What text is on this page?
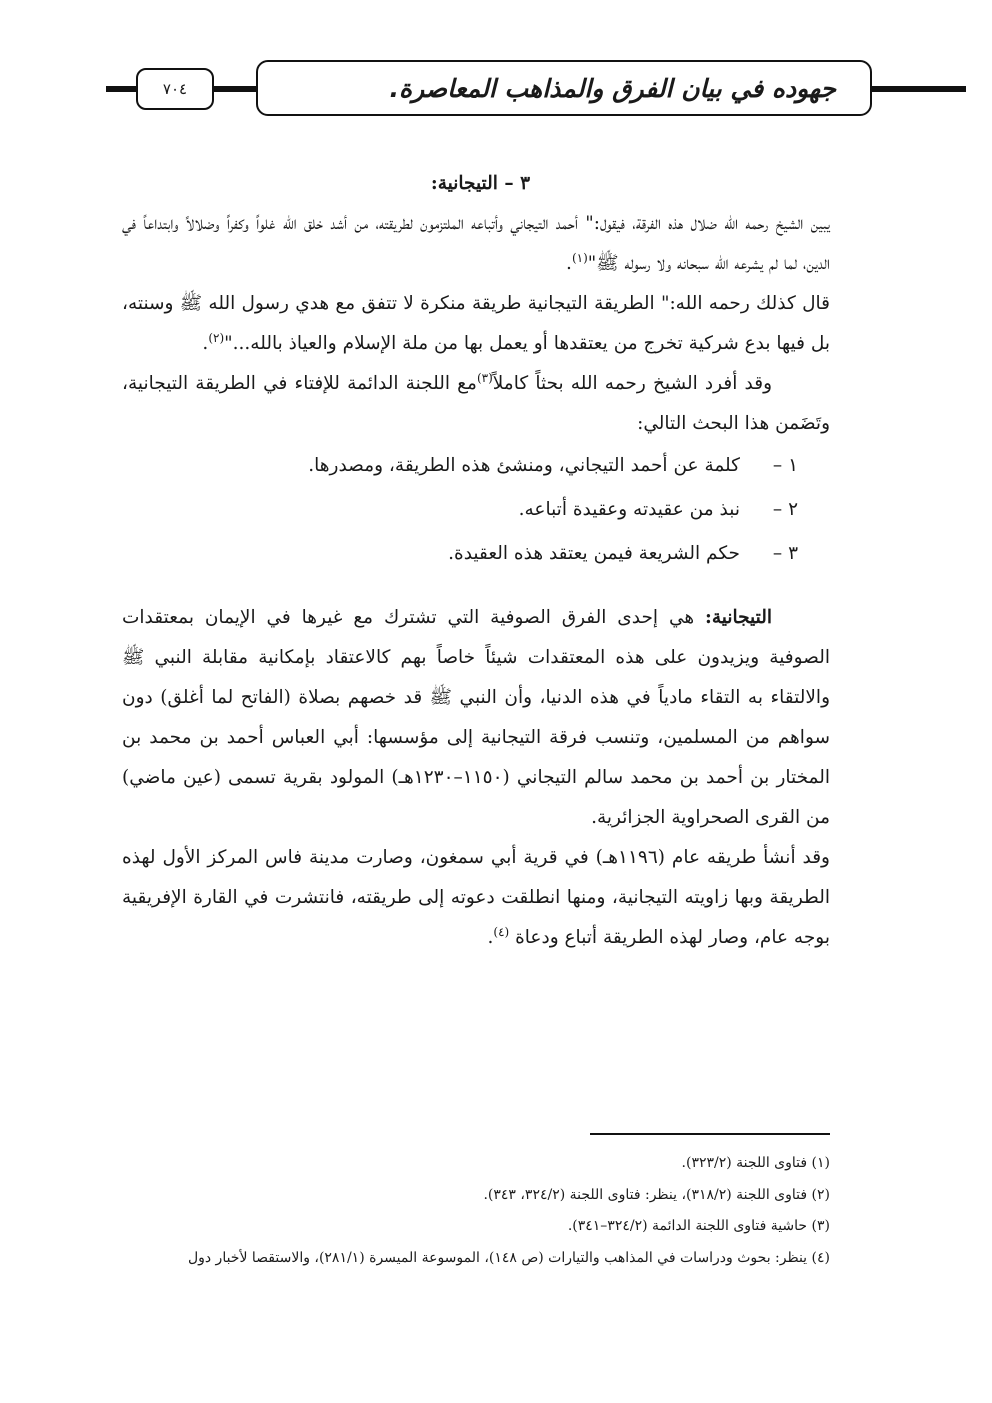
جهوده في بيان الفرق والمذاهب المعاصرة.
٧٠٤

٣ – التيجانية:

يبين الشيخ رحمه الله ضلال هذه الفرقة، فيقول:" أحمد التيجاني وأتباعه الملتزمون لطريقته، من أشد خلق الله غلواً وكفراً وضلالاً وابتداعاً في الدين، لما لم يشرعه الله سبحانه ولا رسوله ﷺ"$^{(١)}$.

قال كذلك رحمه الله:" الطريقة التيجانية طريقة منكرة لا تتفق مع هدي رسول الله ﷺ وسنته، بل فيها بدع شركية تخرج من يعتقدها أو يعمل بها من ملة الإسلام والعياذ بالله..."$^{(٢)}$.

وقد أفرد الشيخ رحمه الله بحثاً كاملاً$^{(٣)}$مع اللجنة الدائمة للإفتاء في الطريقة التيجانية، وتَضَمن هذا البحث التالي:

١ –
كلمة عن أحمد التيجاني، ومنشئ هذه الطريقة، ومصدرها.
٢ –
نبذ من عقيدته وعقيدة أتباعه.
٣ –
حكم الشريعة فيمن يعتقد هذه العقيدة.

التيجانية: هي إحدى الفرق الصوفية التي تشترك مع غيرها في الإيمان بمعتقدات الصوفية ويزيدون على هذه المعتقدات شيئاً خاصاً بهم كالاعتقاد بإمكانية مقابلة النبي ﷺ والالتقاء به التقاء مادياً في هذه الدنيا، وأن النبي ﷺ قد خصهم بصلاة (الفاتح لما أغلق) دون سواهم من المسلمين، وتنسب فرقة التيجانية إلى مؤسسها: أبي العباس أحمد بن محمد بن المختار بن أحمد بن محمد سالم التيجاني (١١٥٠–١٢٣٠هـ) المولود بقرية تسمى (عين ماضي) من القرى الصحراوية الجزائرية.

وقد أنشأ طريقه عام (١١٩٦هـ) في قرية أبي سمغون، وصارت مدينة فاس المركز الأول لهذه الطريقة وبها زاويته التيجانية، ومنها انطلقت دعوته إلى طريقته، فانتشرت في القارة الإفريقية بوجه عام، وصار لهذه الطريقة أتباع ودعاة $^{(٤)}$.

(١) فتاوى اللجنة (٣٢٣/٢).

(٢) فتاوى اللجنة (٣١٨/٢)، ينظر: فتاوى اللجنة (٣٢٤/٢، ٣٤٣).

(٣) حاشية فتاوى اللجنة الدائمة (٣٢٤/٢–٣٤١).

(٤) ينظر: بحوث ودراسات في المذاهب والتيارات (ص ١٤٨)، الموسوعة الميسرة (٢٨١/١)، والاستقصا لأخبار دول
